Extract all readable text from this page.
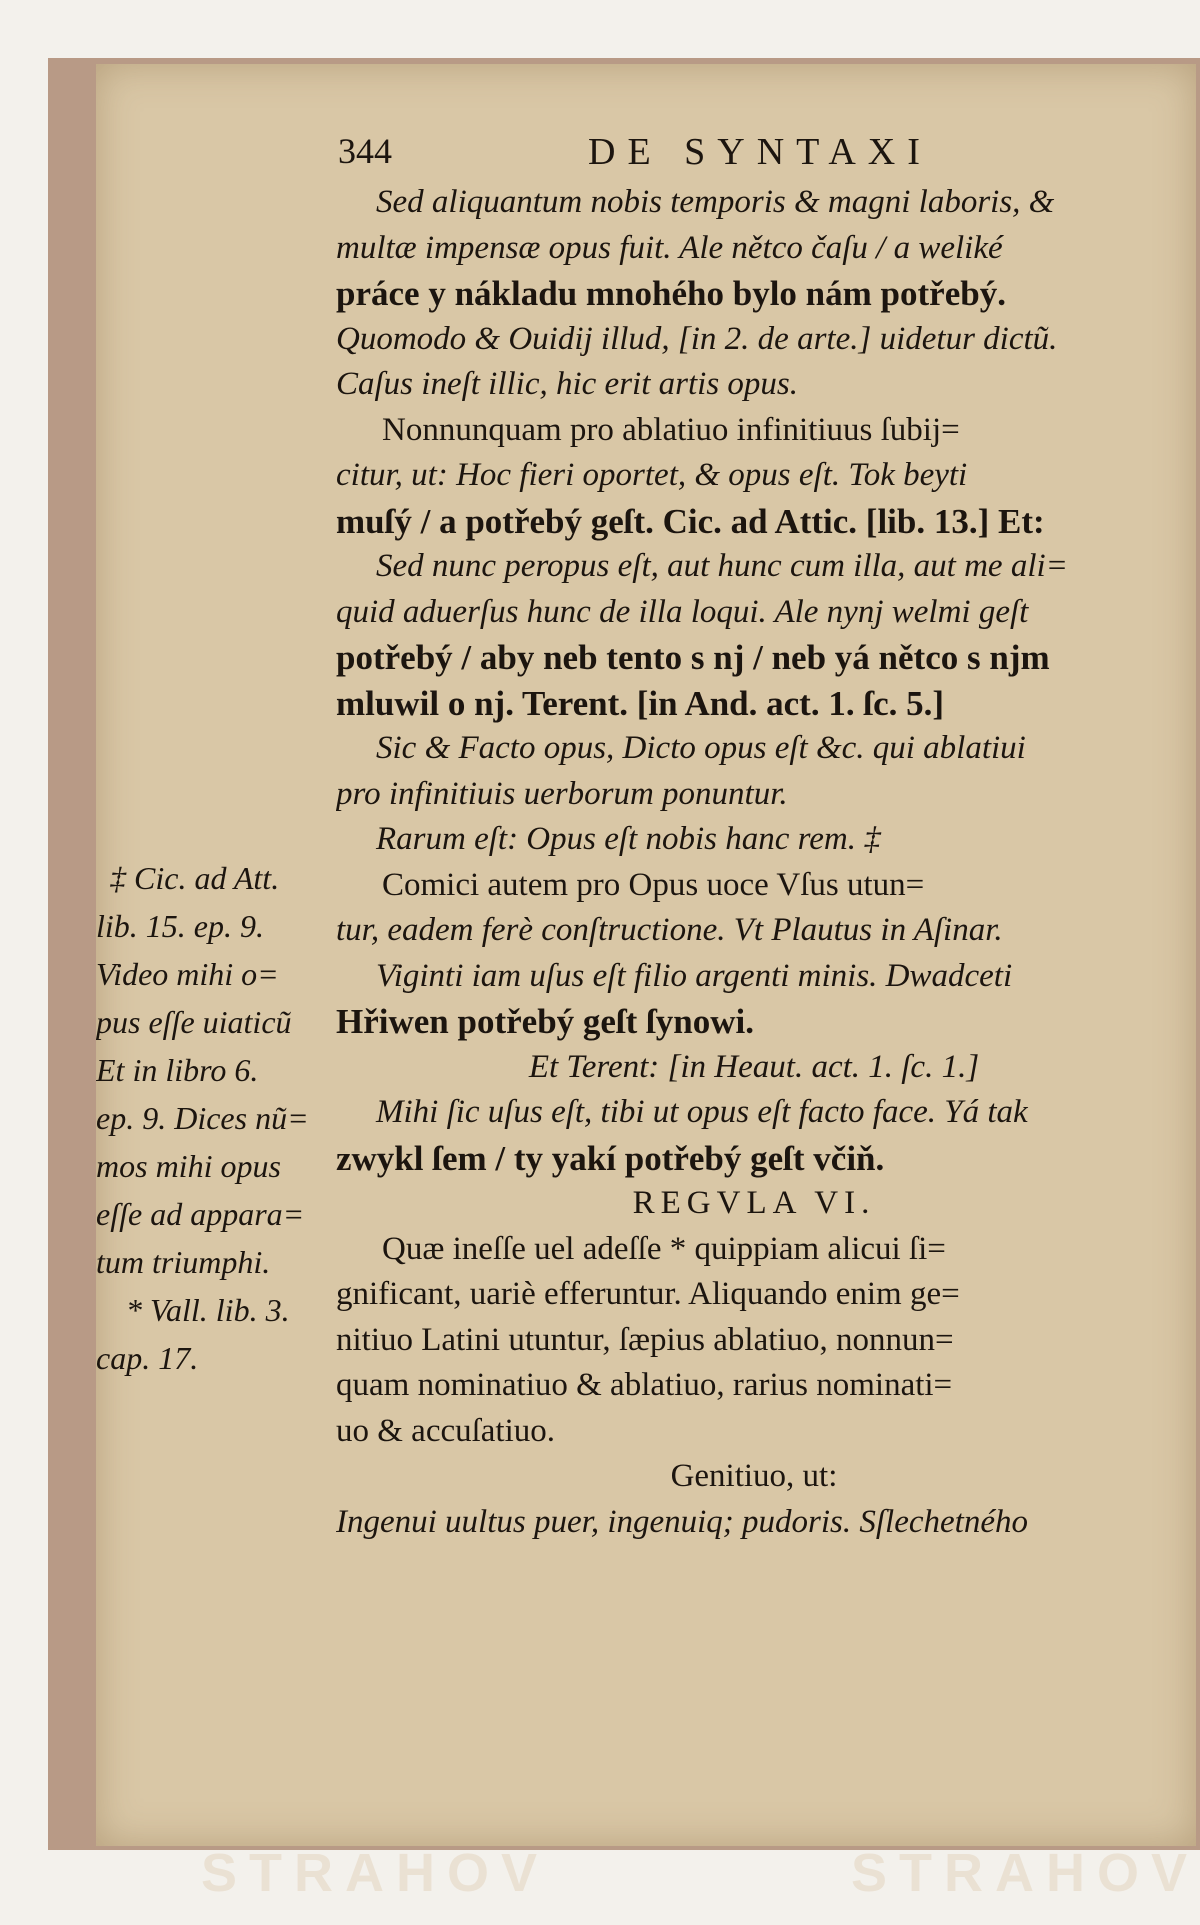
344	DE SYNTAXI
Sed aliquantum nobis temporis & magni laboris, &
multæ impensæ opus fuit. Ale nětco čaſu / a weliké
práce y nákladu mnohého bylo nám potřebý.
Quomodo & Ouidij illud, [in 2. de arte.] uidetur dictũ.
Caſus ineſt illic, hic erit artis opus.
Nonnunquam pro ablatiuo infinitiuus ſubij=
citur, ut: Hoc fieri oportet, & opus eſt. Tok beyti
muſý / a potřebý geſt. Cic. ad Attic. [lib. 13.] Et:
Sed nunc peropus eſt, aut hunc cum illa, aut me ali=
quid aduerſus hunc de illa loqui. Ale nynj welmi geſt
potřebý / aby neb tento s nj / neb yá nětco s njm
mluwil o nj. Terent. [in And. act. 1. ſc. 5.]
Sic & Facto opus, Dicto opus eſt &c. qui ablatiui
pro infinitiuis uerborum ponuntur.
Rarum eſt: Opus eſt nobis hanc rem. ‡
Comici autem pro Opus uoce Vſus utun=
tur, eadem ferè conſtructione. Vt Plautus in Aſinar.
Viginti iam uſus eſt filio argenti minis. Dwadceti
Hřiwen potřebý geſt ſynowi.
Et Terent: [in Heaut. act. 1. ſc. 1.]
Mihi ſic uſus eſt, tibi ut opus eſt facto face. Yá tak
zwykl ſem / ty yakí potřebý geſt včiň.
REGVLA VI.
Quæ ineſſe uel adeſſe * quippiam alicui ſi=
gnificant, uariè efferuntur. Aliquando enim ge=
nitiuo Latini utuntur, ſæpius ablatiuo, nonnun=
quam nominatiuo & ablatiuo, rarius nominati=
uo & accuſatiuo.
Genitiuo, ut:
Ingenui uultus puer, ingenuiq; pudoris. Sſlechetného
‡ Cic. ad Att.
lib. 15. ep. 9.
Video mihi o=
pus eſſe uiaticũ
Et in libro 6.
ep. 9. Dices nũ=
mos mihi opus
eſſe ad appara=
tum triumphi.
* Vall. lib. 3.
cap. 17.
STRAHOV	STRAHOV
